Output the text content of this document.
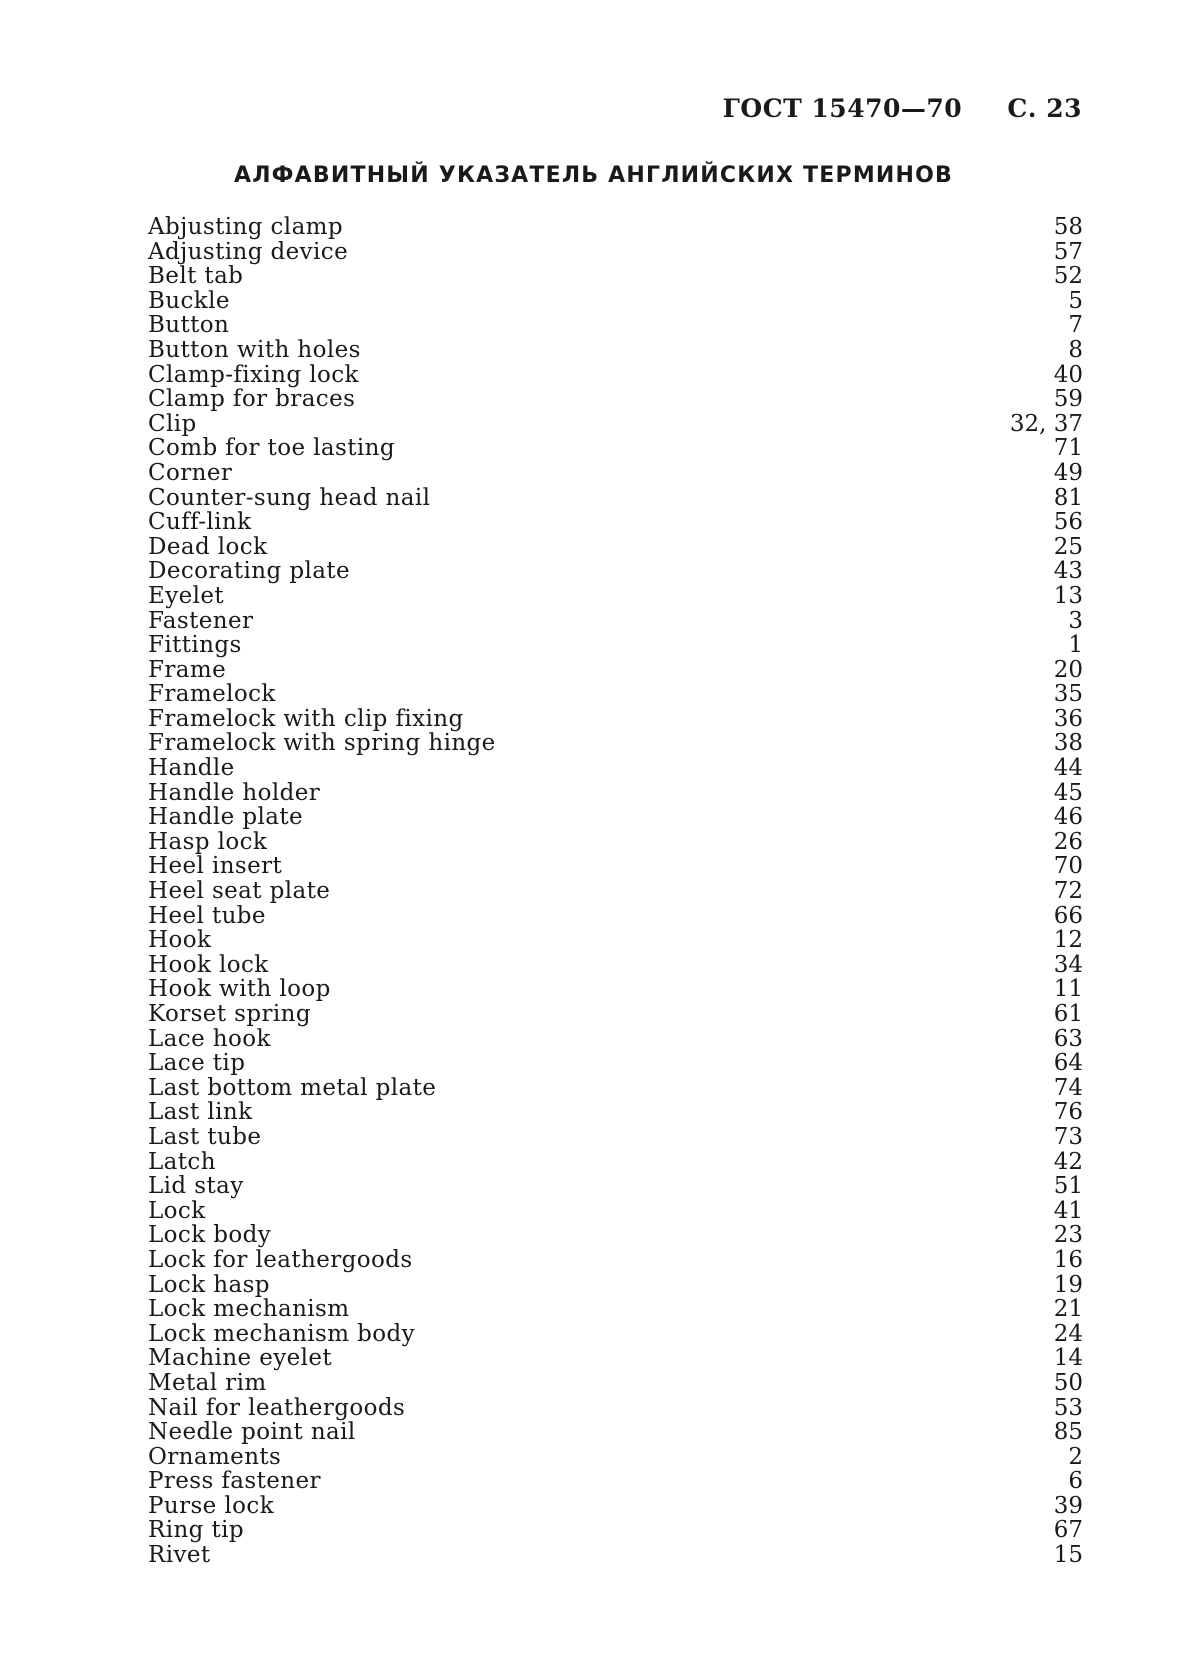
ГОСТ 15470—70 С. 23
АЛФАВИТНЫЙ УКАЗАТЕЛЬ АНГЛИЙСКИХ ТЕРМИНОВ
Abjusting clamp	58
Adjusting device	57
Belt tab	52
Buckle	5
Button	7
Button with holes	8
Clamp-fixing lock	40
Clamp for braces	59
Clip	32, 37
Comb for toe lasting	71
Corner	49
Counter-sung head nail	81
Cuff-link	56
Dead lock	25
Decorating plate	43
Eyelet	13
Fastener	3
Fittings	1
Frame	20
Framelock	35
Framelock with clip fixing	36
Framelock with spring hinge	38
Handle	44
Handle holder	45
Handle plate	46
Hasp lock	26
Heel insert	70
Heel seat plate	72
Heel tube	66
Hook	12
Hook lock	34
Hook with loop	11
Korset spring	61
Lace hook	63
Lace tip	64
Last bottom metal plate	74
Last link	76
Last tube	73
Latch	42
Lid stay	51
Lock	41
Lock body	23
Lock for leathergoods	16
Lock hasp	19
Lock mechanism	21
Lock mechanism body	24
Machine eyelet	14
Metal rim	50
Nail for leathergoods	53
Needle point nail	85
Ornaments	2
Press fastener	6
Purse lock	39
Ring tip	67
Rivet	15
